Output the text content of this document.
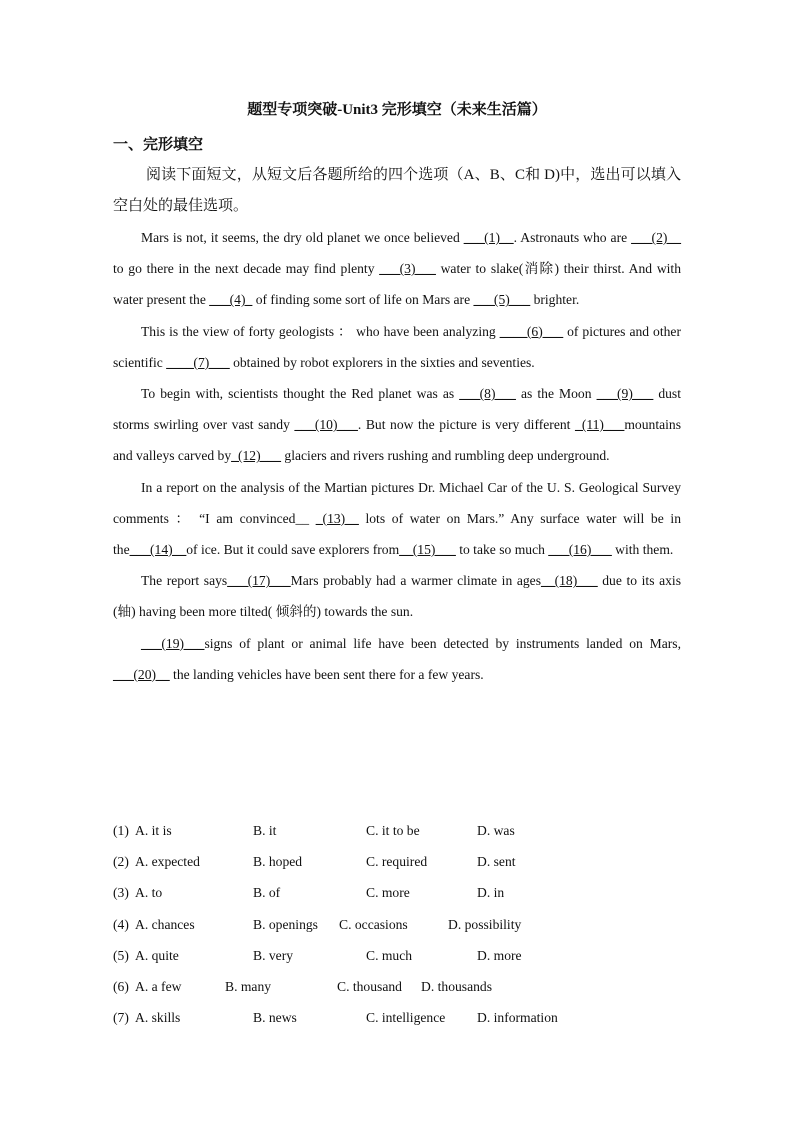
题型专项突破-Unit3 完形填空（未来生活篇）
一、完形填空

阅读下面短文，从短文后各题所给的四个选项（A、B、C和 D)中，选出可以填入空白处的最佳选项。

Mars is not, it seems, the dry old planet we once believed ___(1)__. Astronauts who are ___(2)__ to go there in the next decade may find plenty ___(3)___ water to slake(消除) their thirst. And with water present the ___(4)_ of finding some sort of life on Mars are ___(5)___ brighter.

This is the view of forty geologists ： who have been analyzing ____(6)___ of pictures and other scientific ____(7)___ obtained by robot explorers in the sixties and seventies.

To begin with, scientists thought the Red planet was as ___(8)___ as the Moon ___(9)___ dust storms swirling over vast sandy ___(10)___. But now the picture is very different _(11)___mountains and valleys carved by_(12)___ glaciers and rivers rushing and rumbling deep underground.

In a report on the analysis of the Martian pictures Dr. Michael Car of the U. S. Geological Survey comments ： “I am convinced__ _(13)__ lots of water on Mars.” Any surface water will be in the___(14)__of ice. But it could save explorers from__(15)___ to take so much ___(16)___ with them.

The report says___(17)___Mars probably had a warmer climate in ages__(18)___ due to its axis (轴) having been more tilted( 倾斜的) towards the sun.

___(19)___signs of plant or animal life have been detected by instruments landed on Mars, ___(20)__ the landing vehicles have been sent there for a few years.

(1) A. it is	B. it	C. it to be	D. was
(2) A. expected	B. hoped	C. required	D. sent
(3) A. to	B. of	C. more	D. in
(4) A. chances	B. openings C. occasions	D. possibility
(5) A. quite	B. very	C. much	D. more
(6) A. a few	B. many	C. thousand D. thousands
(7) A. skills	B. news	C. intelligence D. information
